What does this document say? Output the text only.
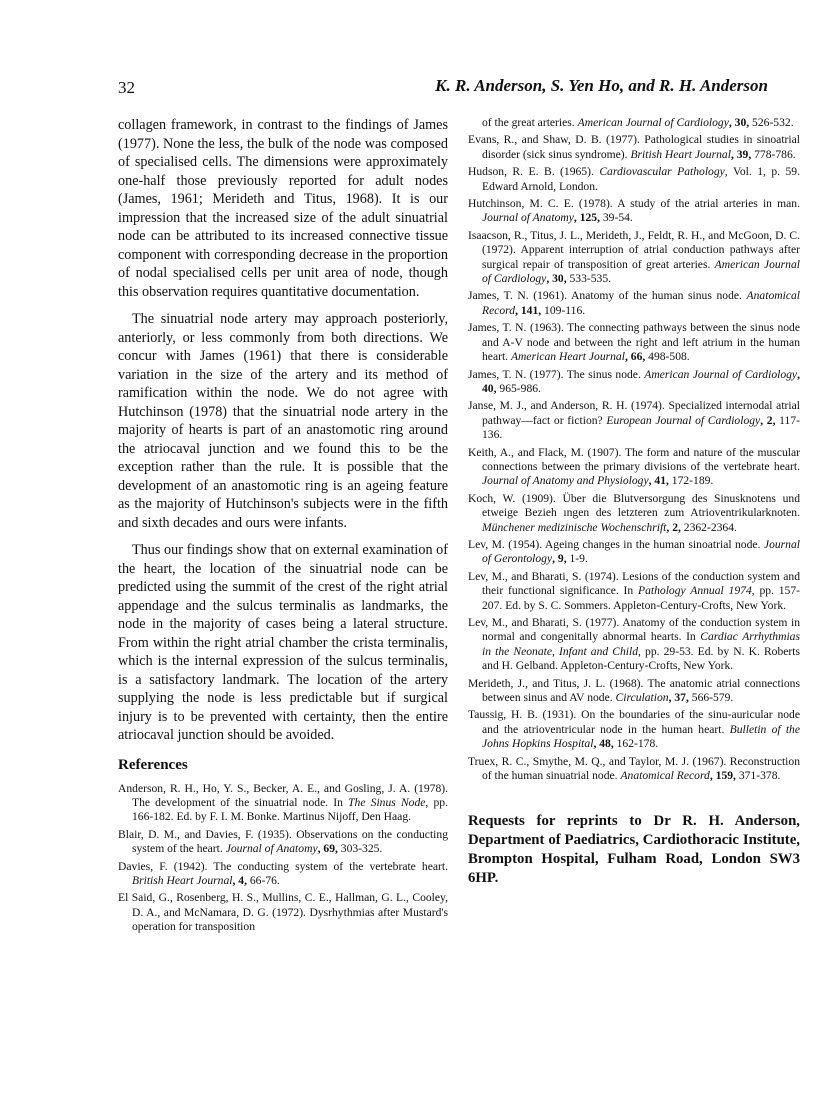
32	K. R. Anderson, S. Yen Ho, and R. H. Anderson

collagen framework, in contrast to the findings of James (1977). None the less, the bulk of the node was composed of specialised cells. The dimensions were approximately one-half those previously reported for adult nodes (James, 1961; Merideth and Titus, 1968). It is our impression that the increased size of the adult sinuatrial node can be attributed to its increased connective tissue component with corresponding decrease in the proportion of nodal specialised cells per unit area of node, though this observation requires quantitative documentation.

The sinuatrial node artery may approach posteriorly, anteriorly, or less commonly from both directions. We concur with James (1961) that there is considerable variation in the size of the artery and its method of ramification within the node. We do not agree with Hutchinson (1978) that the sinuatrial node artery in the majority of hearts is part of an anastomotic ring around the atriocaval junction and we found this to be the exception rather than the rule. It is possible that the development of an anastomotic ring is an ageing feature as the majority of Hutchinson's subjects were in the fifth and sixth decades and ours were infants.

Thus our findings show that on external examination of the heart, the location of the sinuatrial node can be predicted using the summit of the crest of the right atrial appendage and the sulcus terminalis as landmarks, the node in the majority of cases being a lateral structure. From within the right atrial chamber the crista terminalis, which is the internal expression of the sulcus terminalis, is a satisfactory landmark. The location of the artery supplying the node is less predictable but if surgical injury is to be prevented with certainty, then the entire atriocaval junction should be avoided.

References

Anderson, R. H., Ho, Y. S., Becker, A. E., and Gosling, J. A. (1978). The development of the sinuatrial node. In The Sinus Node, pp. 166-182. Ed. by F. I. M. Bonke. Martinus Nijoff, Den Haag.

Blair, D. M., and Davies, F. (1935). Observations on the conducting system of the heart. Journal of Anatomy, 69, 303-325.

Davies, F. (1942). The conducting system of the vertebrate heart. British Heart Journal, 4, 66-76.

El Said, G., Rosenberg, H. S., Mullins, C. E., Hallman, G. L., Cooley, D. A., and McNamara, D. G. (1972). Dysrhythmias after Mustard's operation for transposition

of the great arteries. American Journal of Cardiology, 30, 526-532.

Evans, R., and Shaw, D. B. (1977). Pathological studies in sinoatrial disorder (sick sinus syndrome). British Heart Journal, 39, 778-786.

Hudson, R. E. B. (1965). Cardiovascular Pathology, Vol. 1, p. 59. Edward Arnold, London.

Hutchinson, M. C. E. (1978). A study of the atrial arteries in man. Journal of Anatomy, 125, 39-54.

Isaacson, R., Titus, J. L., Merideth, J., Feldt, R. H., and McGoon, D. C. (1972). Apparent interruption of atrial conduction pathways after surgical repair of transposition of great arteries. American Journal of Cardiology, 30, 533-535.

James, T. N. (1961). Anatomy of the human sinus node. Anatomical Record, 141, 109-116.

James, T. N. (1963). The connecting pathways between the sinus node and A-V node and between the right and left atrium in the human heart. American Heart Journal, 66, 498-508.

James, T. N. (1977). The sinus node. American Journal of Cardiology, 40, 965-986.

Janse, M. J., and Anderson, R. H. (1974). Specialized internodal atrial pathway—fact or fiction? European Journal of Cardiology, 2, 117-136.

Keith, A., and Flack, M. (1907). The form and nature of the muscular connections between the primary divisions of the vertebrate heart. Journal of Anatomy and Physiology, 41, 172-189.

Koch, W. (1909). Über die Blutversorgung des Sinusknotens und etweige Bezieh ıngen des letzteren zum Atrioventrikularknoten. Münchener medizinische Wochenschrift, 2, 2362-2364.

Lev, M. (1954). Ageing changes in the human sinoatrial node. Journal of Gerontology, 9, 1-9.

Lev, M., and Bharati, S. (1974). Lesions of the conduction system and their functional significance. In Pathology Annual 1974, pp. 157-207. Ed. by S. C. Sommers. Appleton-Century-Crofts, New York.

Lev, M., and Bharati, S. (1977). Anatomy of the conduction system in normal and congenitally abnormal hearts. In Cardiac Arrhythmias in the Neonate, Infant and Child, pp. 29-53. Ed. by N. K. Roberts and H. Gelband. Appleton-Century-Crofts, New York.

Merideth, J., and Titus, J. L. (1968). The anatomic atrial connections between sinus and AV node. Circulation, 37, 566-579.

Taussig, H. B. (1931). On the boundaries of the sinu-auricular node and the atrioventricular node in the human heart. Bulletin of the Johns Hopkins Hospital, 48, 162-178.

Truex, R. C., Smythe, M. Q., and Taylor, M. J. (1967). Reconstruction of the human sinuatrial node. Anatomical Record, 159, 371-378.

Requests for reprints to Dr R. H. Anderson, Department of Paediatrics, Cardiothoracic Institute, Brompton Hospital, Fulham Road, London SW3 6HP.
